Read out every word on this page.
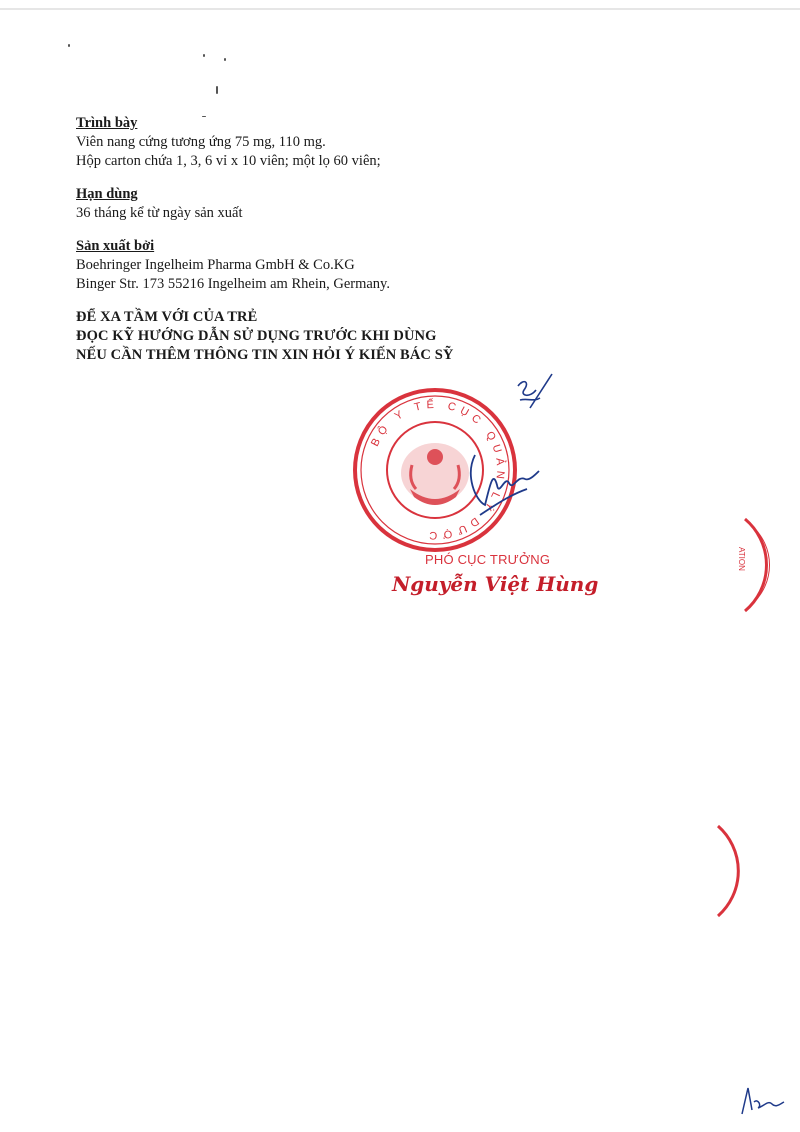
Trình bày
Viên nang cứng tương ứng 75 mg, 110 mg.
Hộp carton chứa 1, 3, 6 vỉ x 10 viên; một lọ 60 viên;
Hạn dùng
36 tháng kể từ ngày sản xuất
Sản xuất bởi
Boehringer Ingelheim Pharma GmbH & Co.KG
Binger Str. 173 55216 Ingelheim am Rhein, Germany.
ĐỂ XA TẦM VỚI CỦA TRẺ
ĐỌC KỸ HƯỚNG DẪN SỬ DỤNG TRƯỚC KHI DÙNG
NẾU CẦN THÊM THÔNG TIN XIN HỎI Ý KIẾN BÁC SỸ
BỘ Y TẾ CỤC QUẢN LÝ DƯỢC
PHÓ CỤC TRƯỞNG
Nguyễn Việt Hùng
ATION
